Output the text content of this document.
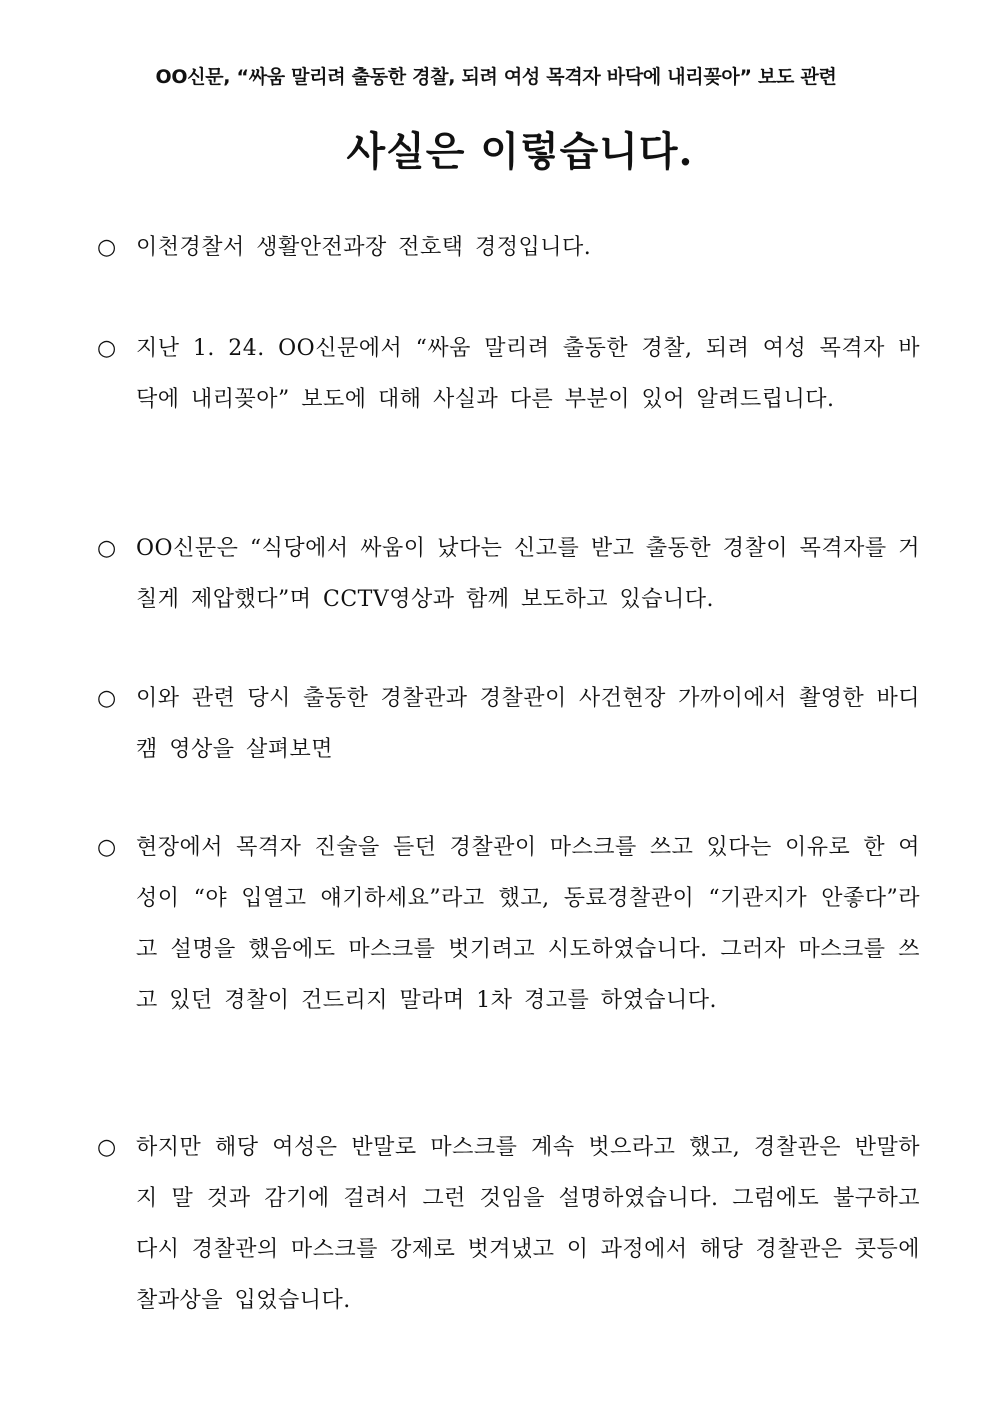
OO신문, “싸움 말리려 출동한 경찰, 되려 여성 목격자 바닥에 내리꽂아” 보도 관련
사실은 이렇습니다.
○ 이천경찰서 생활안전과장 전호택 경정입니다.
○ 지난 1. 24. OO신문에서 “싸움 말리려 출동한 경찰, 되려 여성 목격자 바닥에 내리꽂아” 보도에 대해 사실과 다른 부분이 있어 알려드립니다.
○ OO신문은 “식당에서 싸움이 났다는 신고를 받고 출동한 경찰이 목격자를 거칠게 제압했다”며 CCTV영상과 함께 보도하고 있습니다.
○ 이와 관련 당시 출동한 경찰관과 경찰관이 사건현장 가까이에서 촬영한 바디캠 영상을 살펴보면
○ 현장에서 목격자 진술을 듣던 경찰관이 마스크를 쓰고 있다는 이유로 한 여성이 “야 입열고 얘기하세요”라고 했고, 동료경찰관이 “기관지가 안좋다”라고 설명을 했음에도 마스크를 벗기려고 시도하였습니다. 그러자 마스크를 쓰고 있던 경찰이 건드리지 말라며 1차 경고를 하였습니다.
○ 하지만 해당 여성은 반말로 마스크를 계속 벗으라고 했고, 경찰관은 반말하지 말 것과 감기에 걸려서 그런 것임을 설명하였습니다. 그럼에도 불구하고 다시 경찰관의 마스크를 강제로 벗겨냈고 이 과정에서 해당 경찰관은 콧등에 찰과상을 입었습니다.
